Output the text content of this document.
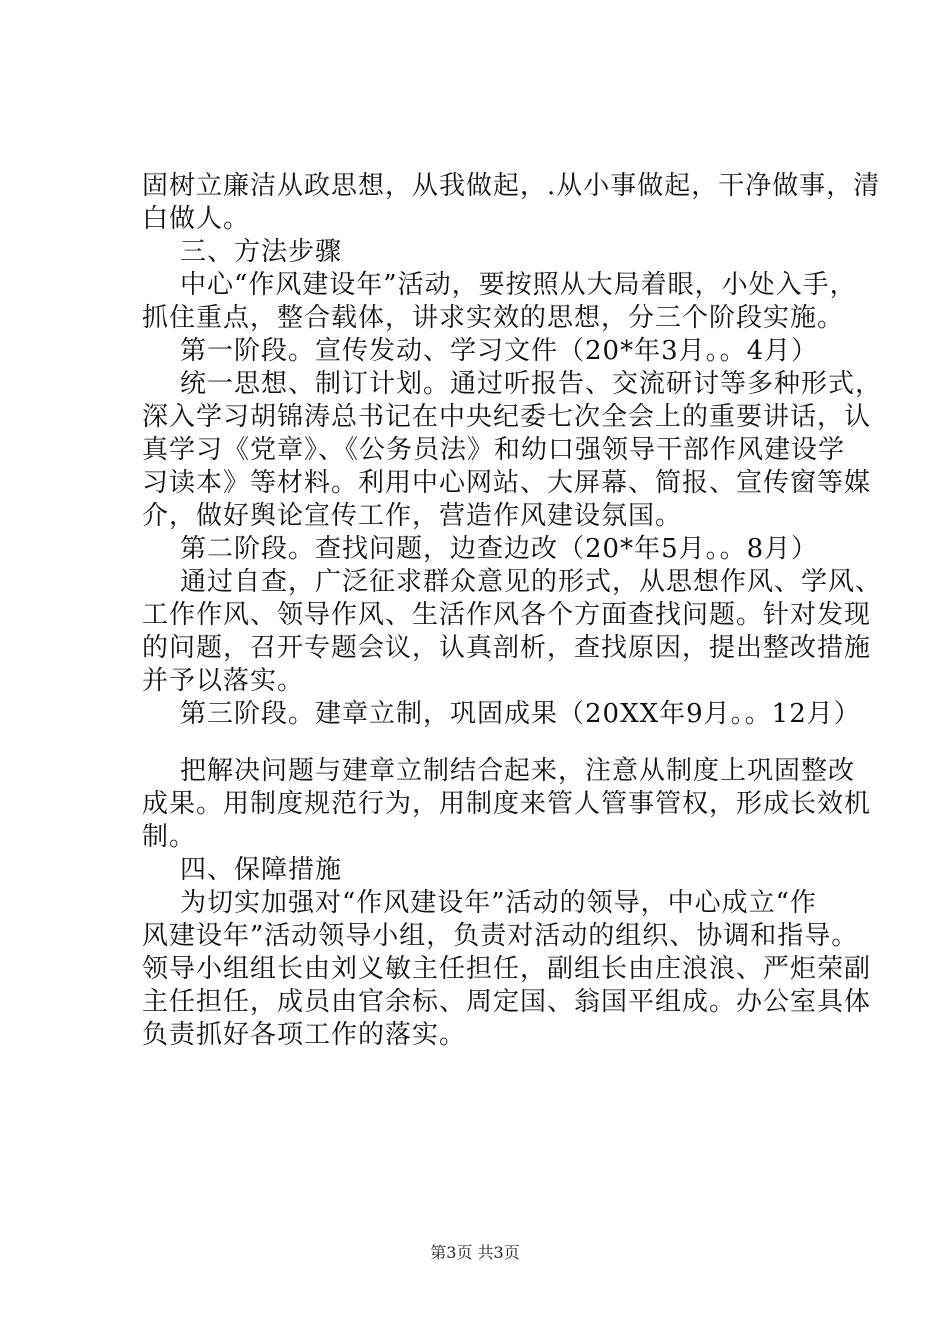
固树立廉洁从政思想，从我做起，.从小事做起，干净做事，清
白做人。
三、方法步骤
中心“作风建设年”活动，要按照从大局着眼，小处入手，
抓住重点，整合载体，讲求实效的思想，分三个阶段实施。
第一阶段。宣传发动、学习文件（20*年3月。。4月）
统一思想、制订计划。通过听报告、交流研讨等多种形式，
深入学习胡锦涛总书记在中央纪委七次全会上的重要讲话，认
真学习《党章》、《公务员法》和幼口强领导干部作风建设学
习读本》等材料。利用中心网站、大屏幕、简报、宣传窗等媒
介，做好舆论宣传工作，营造作风建设氛国。
第二阶段。查找问题，边查边改（20*年5月。。8月）
通过自查，广泛征求群众意见的形式，从思想作风、学风、
工作作风、领导作风、生活作风各个方面查找问题。针对发现
的问题，召开专题会议，认真剖析，查找原因，提出整改措施
并予以落实。
第三阶段。建章立制，巩固成果（20XX年9月。。12月）
把解决问题与建章立制结合起来，注意从制度上巩固整改
成果。用制度规范行为，用制度来管人管事管权，形成长效机
制。
四、保障措施
为切实加强对“作风建设年”活动的领导，中心成立“作
风建设年”活动领导小组，负责对活动的组织、协调和指导。
领导小组组长由刘义敏主任担任，副组长由庄浪浪、严炬荣副
主任担任，成员由官余标、周定国、翁国平组成。办公室具体
负责抓好各项工作的落实。
第3页 共3页
